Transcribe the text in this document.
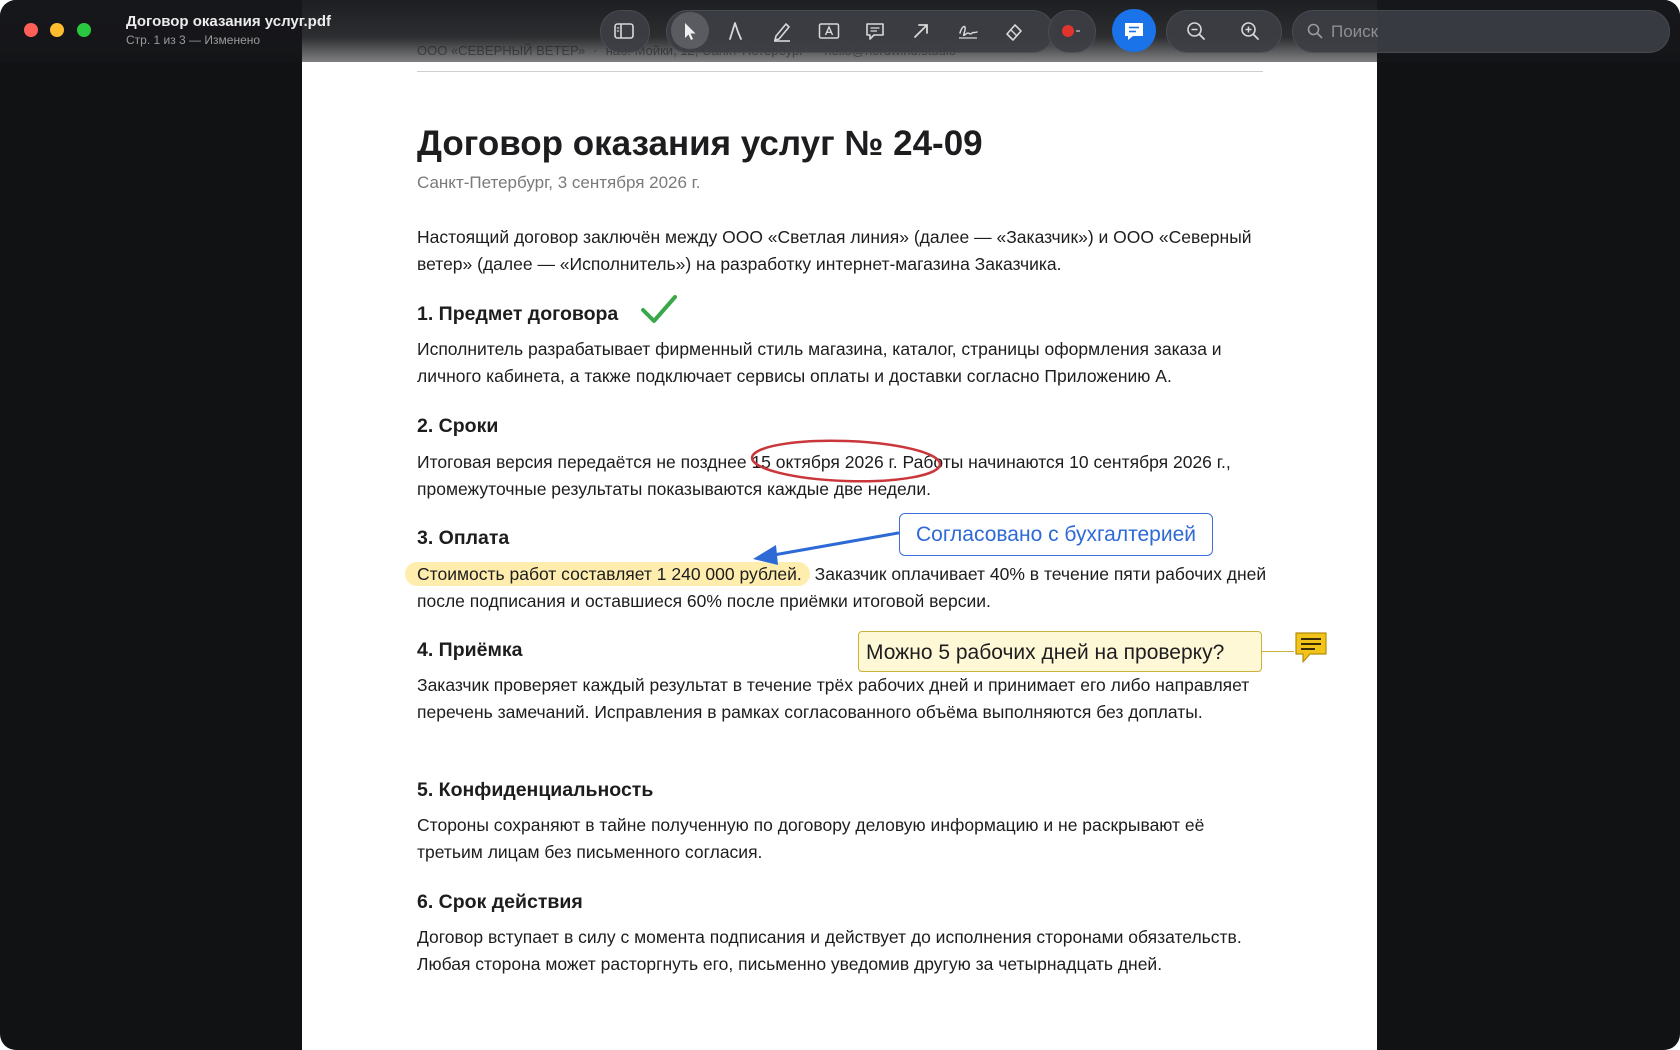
Договор оказания услуг № 24-09
Санкт-Петербург, 3 сентября 2026 г.
Настоящий договор заключён между ООО «Светлая линия» (далее — «Заказчик») и ООО «Северный ветер» (далее — «Исполнитель») на разработку интернет-магазина Заказчика.
1. Предмет договора
Исполнитель разрабатывает фирменный стиль магазина, каталог, страницы оформления заказа и личного кабинета, а также подключает сервисы оплаты и доставки согласно Приложению А.
2. Сроки
Итоговая версия передаётся не позднее 15 октября 2026 г. Работы начинаются 10 сентября 2026 г., промежуточные результаты показываются каждые две недели.
3. Оплата
Стоимость работ составляет 1 240 000 рублей. Заказчик оплачивает 40% в течение пяти рабочих дней после подписания и оставшиеся 60% после приёмки итоговой версии.
4. Приёмка
Заказчик проверяет каждый результат в течение трёх рабочих дней и принимает его либо направляет перечень замечаний. Исправления в рамках согласованного объёма выполняются без доплаты.
5. Конфиденциальность
Стороны сохраняют в тайне полученную по договору деловую информацию и не раскрывают её третьим лицам без письменного согласия.
6. Срок действия
Договор вступает в силу с момента подписания и действует до исполнения сторонами обязательств. Любая сторона может расторгнуть его, письменно уведомив другую за четырнадцать дней.
Согласовано с бухгалтерией
Можно 5 рабочих дней на проверку?
Договор оказания услуг.pdf
Стр. 1 из 3 — Изменено
Поиск
